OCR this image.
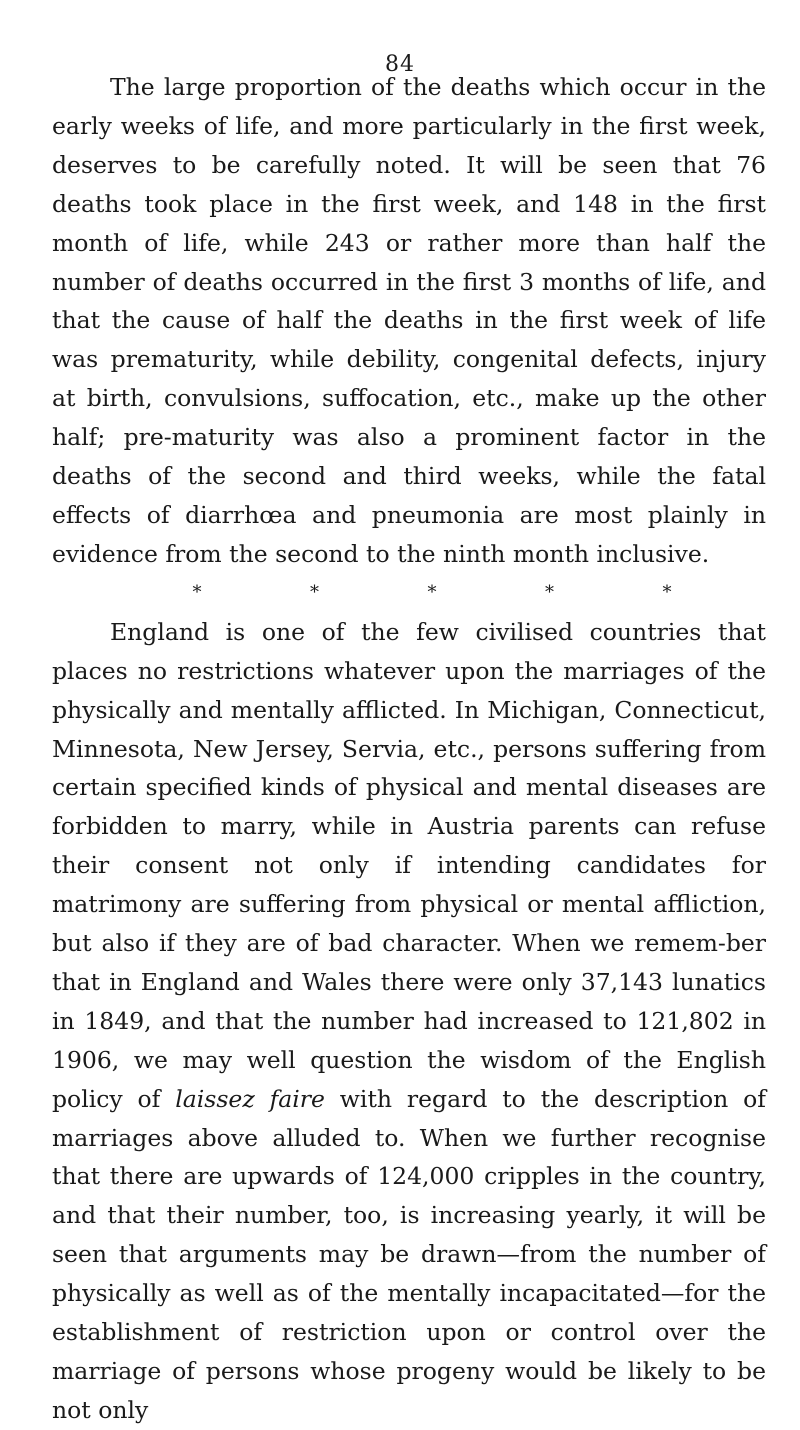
84

The large proportion of the deaths which occur in the early weeks of life, and more particularly in the first week, deserves to be carefully noted. It will be seen that 76 deaths took place in the first week, and 148 in the first month of life, while 243 or rather more than half the number of deaths occurred in the first 3 months of life, and that the cause of half the deaths in the first week of life was prematurity, while debility, congenital defects, injury at birth, convulsions, suffocation, etc., make up the other half; pre-maturity was also a prominent factor in the deaths of the second and third weeks, while the fatal effects of diarrhœa and pneumonia are most plainly in evidence from the second to the ninth month inclusive.

*	*	*	*	*

England is one of the few civilised countries that places no restrictions whatever upon the marriages of the physically and mentally afflicted. In Michigan, Connecticut, Minnesota, New Jersey, Servia, etc., persons suffering from certain specified kinds of physical and mental diseases are forbidden to marry, while in Austria parents can refuse their consent not only if intending candidates for matrimony are suffering from physical or mental affliction, but also if they are of bad character. When we remem-ber that in England and Wales there were only 37,143 lunatics in 1849, and that the number had increased to 121,802 in 1906, we may well question the wisdom of the English policy of laissez faire with regard to the description of marriages above alluded to. When we further recognise that there are upwards of 124,000 cripples in the country, and that their number, too, is increasing yearly, it will be seen that arguments may be drawn—from the number of physically as well as of the mentally incapacitated—for the establishment of restriction upon or control over the marriage of persons whose progeny would be likely to be not only
